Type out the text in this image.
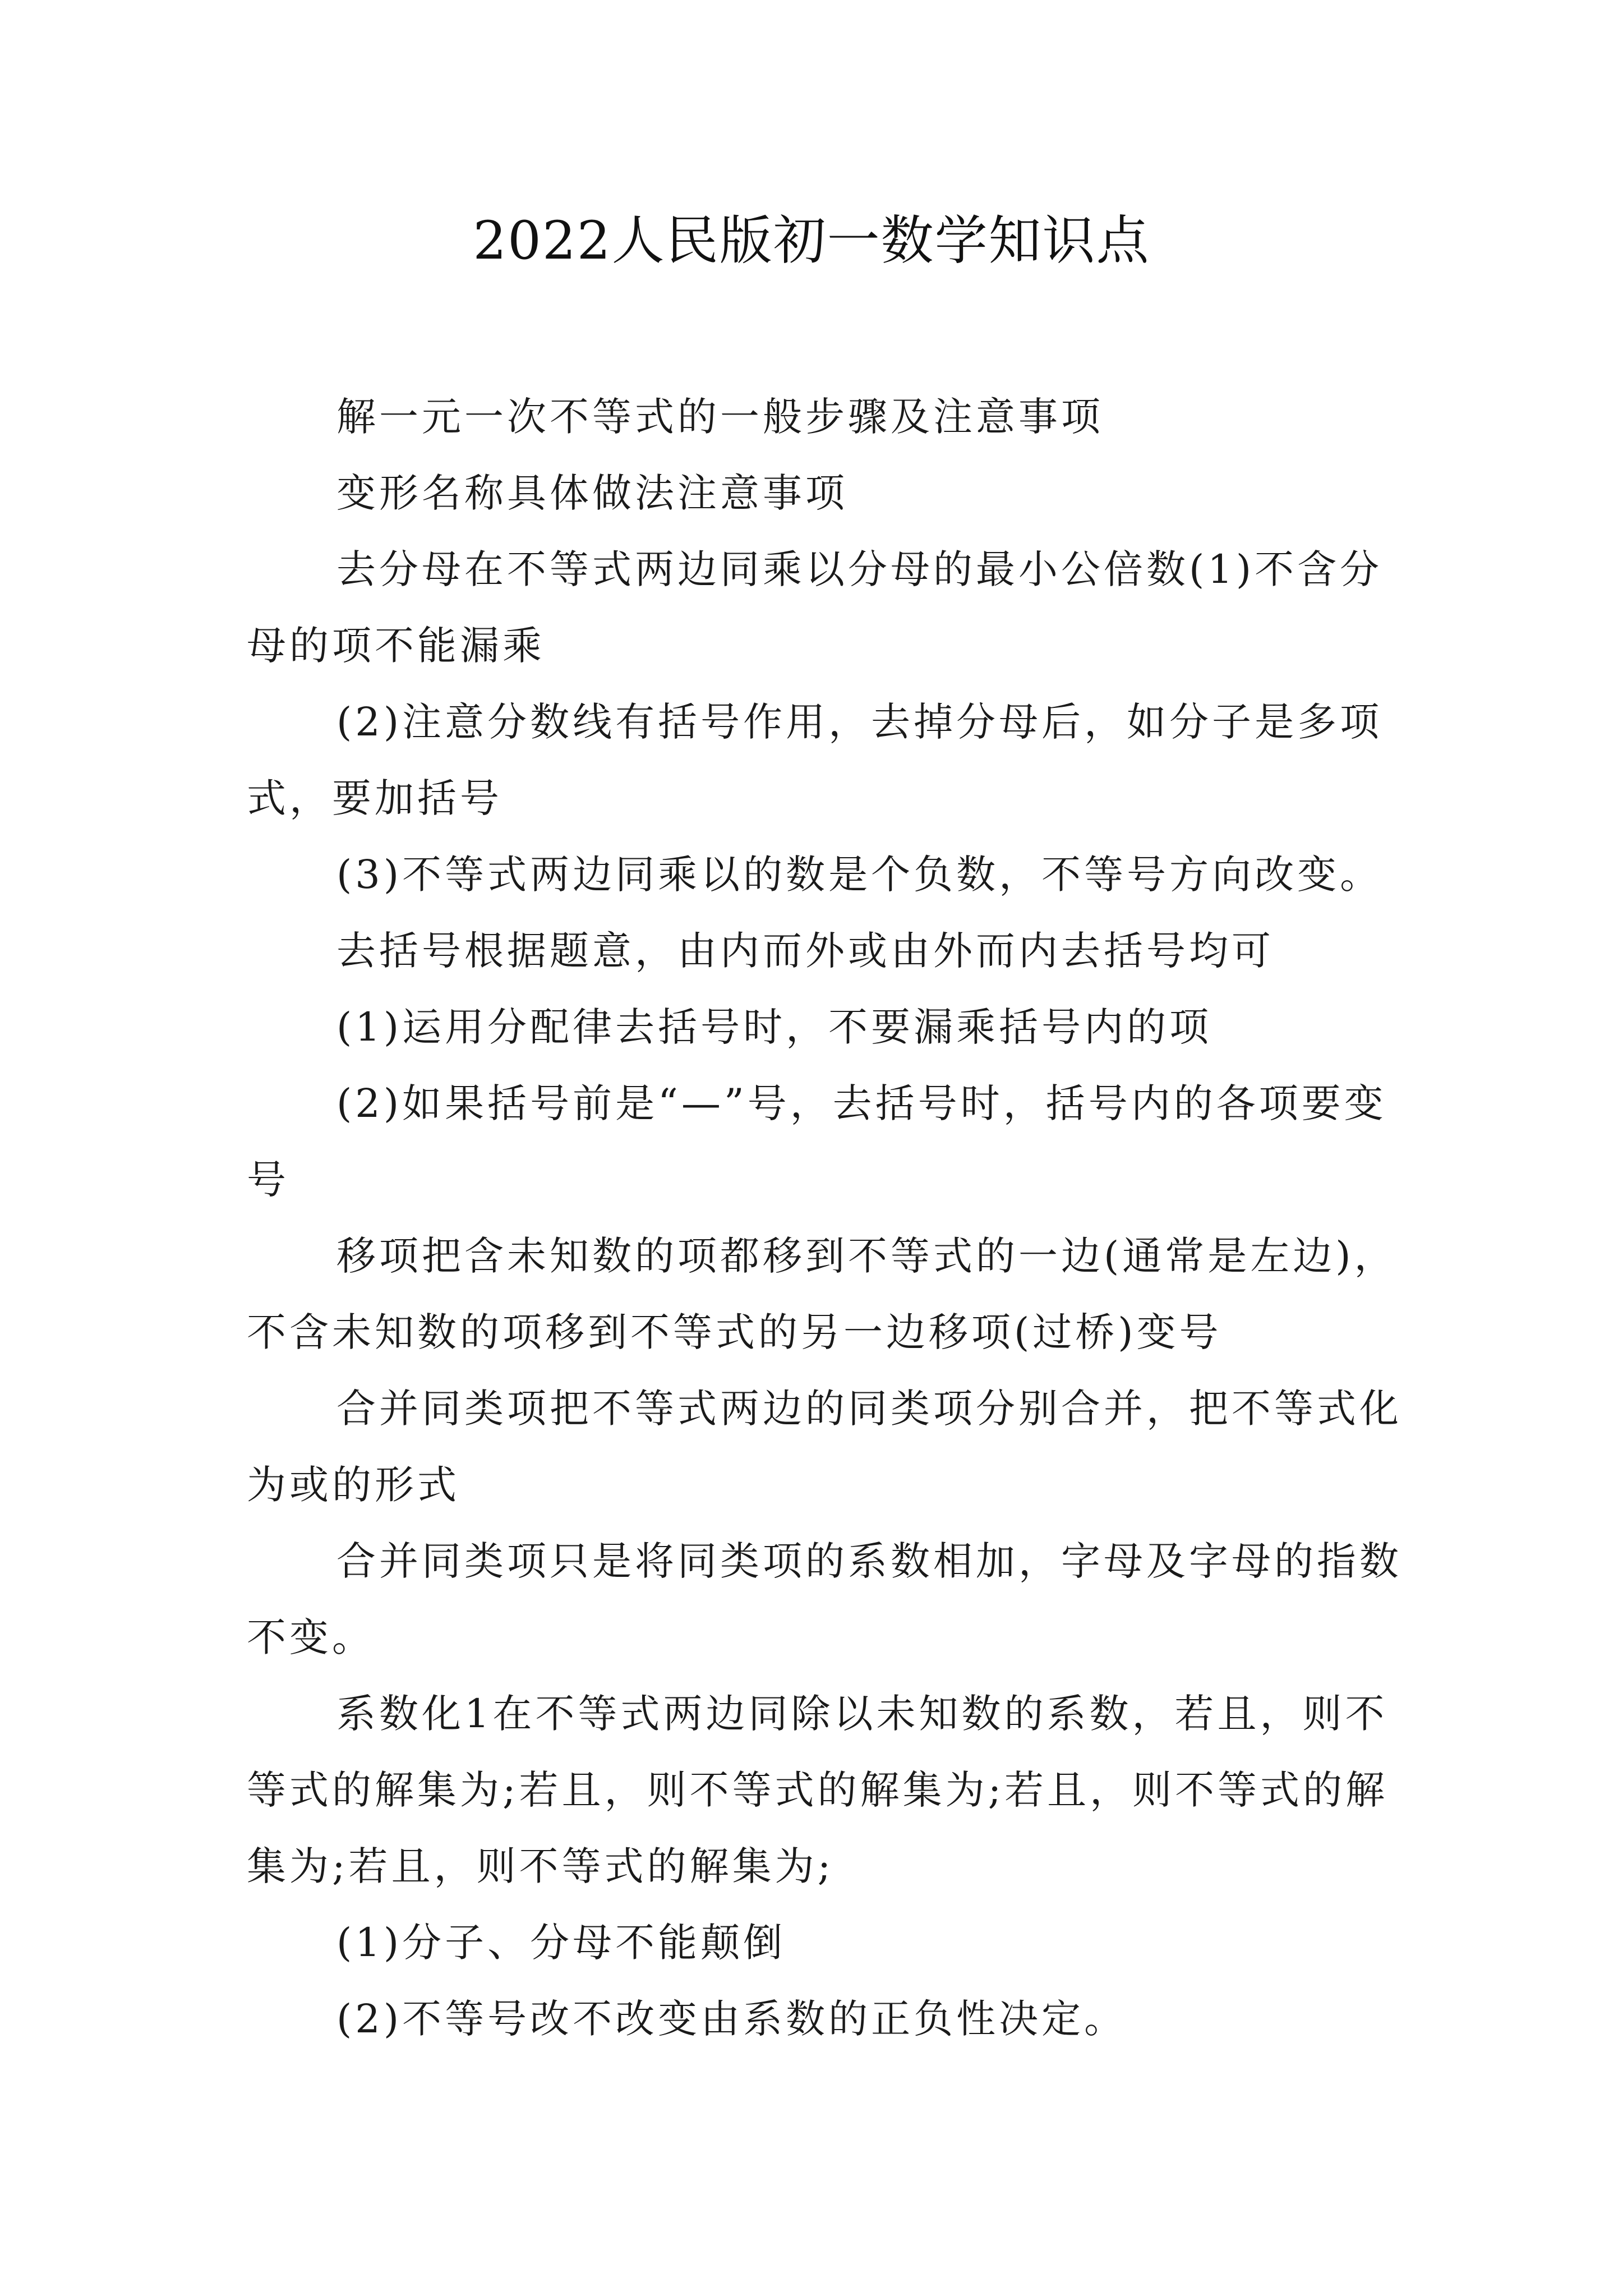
2022人民版初一数学知识点

解一元一次不等式的一般步骤及注意事项

变形名称具体做法注意事项

去分母在不等式两边同乘以分母的最小公倍数(1)不含分母的项不能漏乘

(2)注意分数线有括号作用，去掉分母后，如分子是多项式，要加括号

(3)不等式两边同乘以的数是个负数，不等号方向改变。

去括号根据题意，由内而外或由外而内去括号均可

(1)运用分配律去括号时，不要漏乘括号内的项

(2)如果括号前是“—”号，去括号时，括号内的各项要变号

移项把含未知数的项都移到不等式的一边(通常是左边)，不含未知数的项移到不等式的另一边移项(过桥)变号

合并同类项把不等式两边的同类项分别合并，把不等式化为或的形式

合并同类项只是将同类项的系数相加，字母及字母的指数不变。

系数化1在不等式两边同除以未知数的系数，若且，则不等式的解集为;若且，则不等式的解集为;若且，则不等式的解集为;若且，则不等式的解集为;

(1)分子、分母不能颠倒

(2)不等号改不改变由系数的正负性决定。
